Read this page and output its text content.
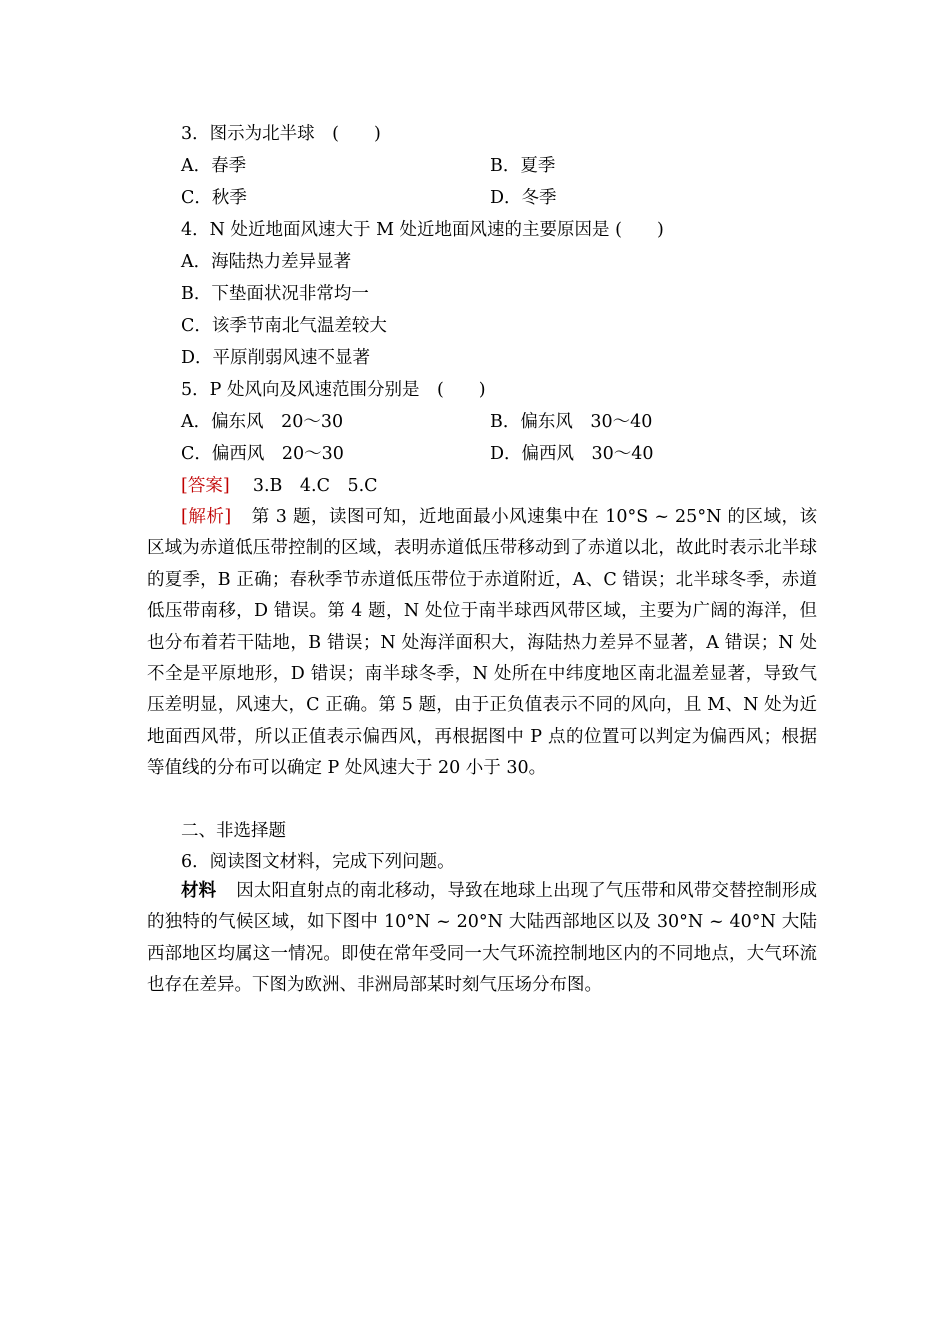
3．图示为北半球　(　　)
A．春季	B．夏季
C．秋季	D．冬季
4．N 处近地面风速大于 M 处近地面风速的主要原因是 (　　)
A．海陆热力差异显著
B．下垫面状况非常均一
C．该季节南北气温差较大
D．平原削弱风速不显著
5．P 处风向及风速范围分别是　(　　)
A．偏东风　20～30	B．偏东风　30～40
C．偏西风　20～30	D．偏西风　30～40
[答案] 3.B　4.C　5.C
[解析] 第 3 题，读图可知，近地面最小风速集中在 10°S ~ 25°N 的区域，该区域为赤道低压带控制的区域，表明赤道低压带移动到了赤道以北，故此时表示北半球的夏季，B 正确；春秋季节赤道低压带位于赤道附近，A、C 错误；北半球冬季，赤道低压带南移，D 错误。第 4 题，N 处位于南半球西风带区域，主要为广阔的海洋，但也分布着若干陆地，B 错误；N 处海洋面积大，海陆热力差异不显著，A 错误；N 处不全是平原地形，D 错误；南半球冬季，N 处所在中纬度地区南北温差显著，导致气压差明显，风速大，C 正确。第 5 题，由于正负值表示不同的风向，且 M、N 处为近地面西风带，所以正值表示偏西风，再根据图中 P 点的位置可以判定为偏西风；根据等值线的分布可以确定 P 处风速大于 20 小于 30。
二、非选择题
6．阅读图文材料，完成下列问题。
材料 因太阳直射点的南北移动，导致在地球上出现了气压带和风带交替控制形成的独特的气候区域，如下图中 10°N ~ 20°N 大陆西部地区以及 30°N ~ 40°N 大陆西部地区均属这一情况。即使在常年受同一大气环流控制地区内的不同地点，大气环流也存在差异。下图为欧洲、非洲局部某时刻气压场分布图。
